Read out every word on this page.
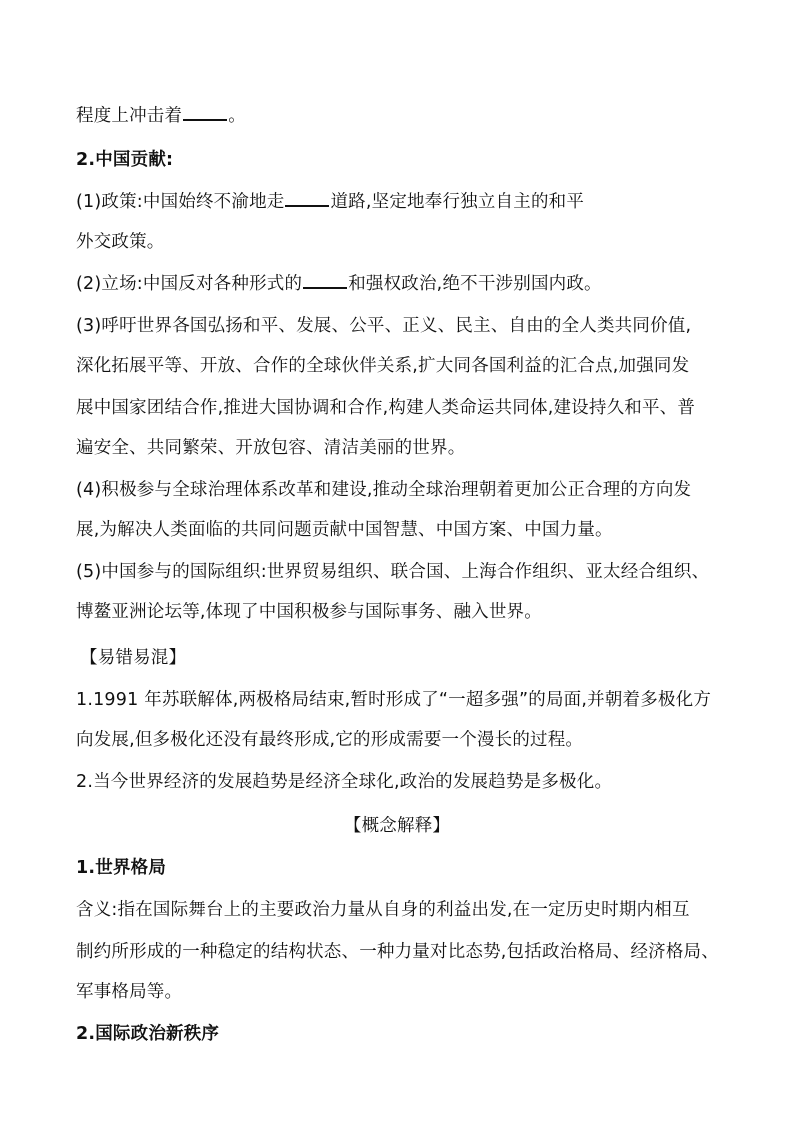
程度上冲击着	。
2.中国贡献:
(1)政策:中国始终不渝地走	道路,坚定地奉行独立自主的和平
外交政策。
(2)立场:中国反对各种形式的	和强权政治,绝不干涉别国内政。
(3)呼吁世界各国弘扬和平、发展、公平、正义、民主、自由的全人类共同价值,
深化拓展平等、开放、合作的全球伙伴关系,扩大同各国利益的汇合点,加强同发
展中国家团结合作,推进大国协调和合作,构建人类命运共同体,建设持久和平、普
遍安全、共同繁荣、开放包容、清洁美丽的世界。
(4)积极参与全球治理体系改革和建设,推动全球治理朝着更加公正合理的方向发
展,为解决人类面临的共同问题贡献中国智慧、中国方案、中国力量。
(5)中国参与的国际组织:世界贸易组织、联合国、上海合作组织、亚太经合组织、
博鳌亚洲论坛等,体现了中国积极参与国际事务、融入世界。
【易错易混】
1.1991 年苏联解体,两极格局结束,暂时形成了“一超多强”的局面,并朝着多极化方
向发展,但多极化还没有最终形成,它的形成需要一个漫长的过程。
2.当今世界经济的发展趋势是经济全球化,政治的发展趋势是多极化。
【概念解释】
1.世界格局
含义:指在国际舞台上的主要政治力量从自身的利益出发,在一定历史时期内相互
制约所形成的一种稳定的结构状态、一种力量对比态势,包括政治格局、经济格局、
军事格局等。
2.国际政治新秩序
